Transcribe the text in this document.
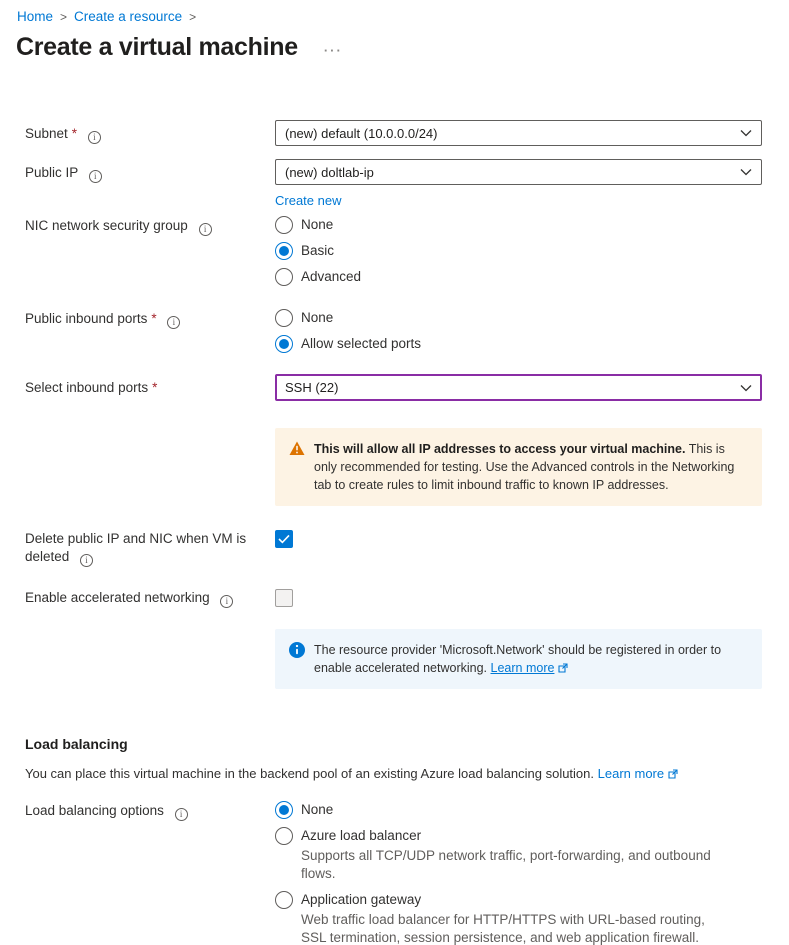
Home > Create a resource >
Create a virtual machine ···
Subnet * i	(new) default (10.0.0.0/24)
Public IP i	(new) doltlab-ip
Create new
NIC network security group i	None
Basic
Advanced
Public inbound ports * i	None
Allow selected ports
Select inbound ports *	SSH (22)
This will allow all IP addresses to access your virtual machine. This is only recommended for testing. Use the Advanced controls in the Networking tab to create rules to limit inbound traffic to known IP addresses.
Delete public IP and NIC when VM is deleted i
Enable accelerated networking i
The resource provider 'Microsoft.Network' should be registered in order to enable accelerated networking. Learn more
Load balancing
You can place this virtual machine in the backend pool of an existing Azure load balancing solution. Learn more
Load balancing options i	None
Azure load balancer
Supports all TCP/UDP network traffic, port-forwarding, and outbound flows.
Application gateway
Web traffic load balancer for HTTP/HTTPS with URL-based routing, SSL termination, session persistence, and web application firewall.
